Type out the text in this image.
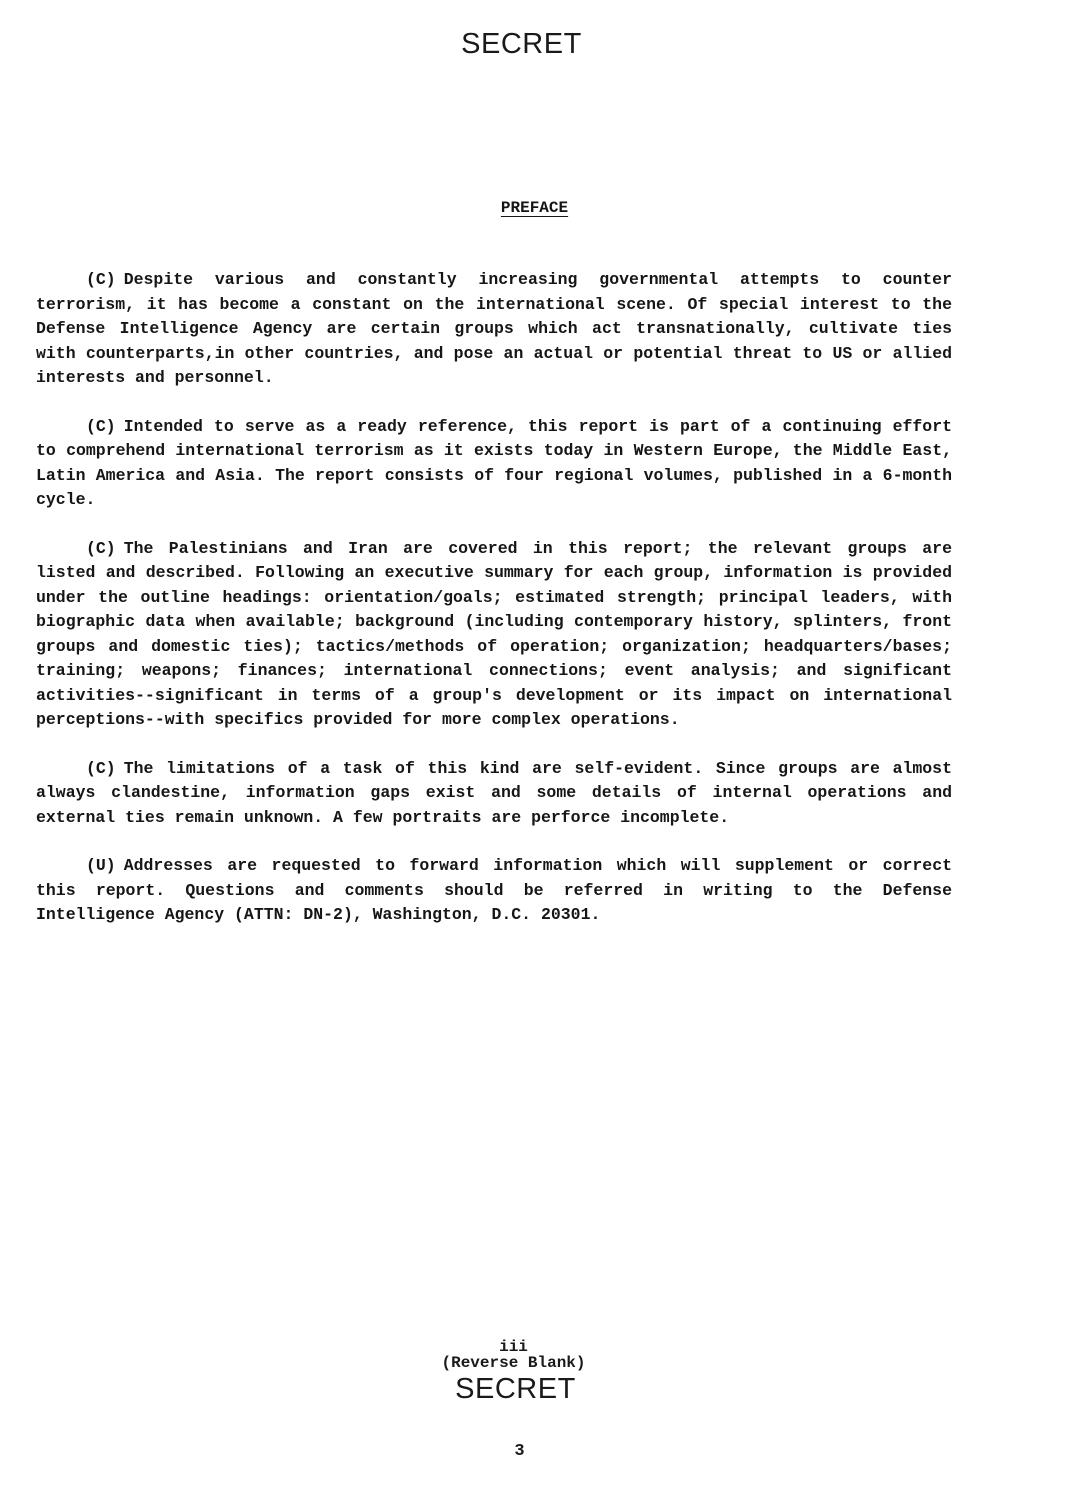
SECRET
PREFACE

(C) Despite various and constantly increasing governmental attempts to counter terrorism, it has become a constant on the international scene. Of special interest to the Defense Intelligence Agency are certain groups which act transnationally, cultivate ties with counterparts,in other countries, and pose an actual or potential threat to US or allied interests and personnel.

(C) Intended to serve as a ready reference, this report is part of a continuing effort to comprehend international terrorism as it exists today in Western Europe, the Middle East, Latin America and Asia. The report consists of four regional volumes, published in a 6-month cycle.

(C) The Palestinians and Iran are covered in this report; the relevant groups are listed and described. Following an executive summary for each group, information is provided under the outline headings: orientation/goals; estimated strength; principal leaders, with biographic data when available; background (including contemporary history, splinters, front groups and domestic ties); tactics/methods of operation; organization; headquarters/bases; training; weapons; finances; international connections; event analysis; and significant activities--significant in terms of a group's development or its impact on international perceptions--with specifics provided for more complex operations.

(C) The limitations of a task of this kind are self-evident. Since groups are almost always clandestine, information gaps exist and some details of internal operations and external ties remain unknown. A few portraits are perforce incomplete.

(U) Addresses are requested to forward information which will supplement or correct this report. Questions and comments should be referred in writing to the Defense Intelligence Agency (ATTN: DN-2), Washington, D.C. 20301.

iii
(Reverse Blank)
SECRET
3
